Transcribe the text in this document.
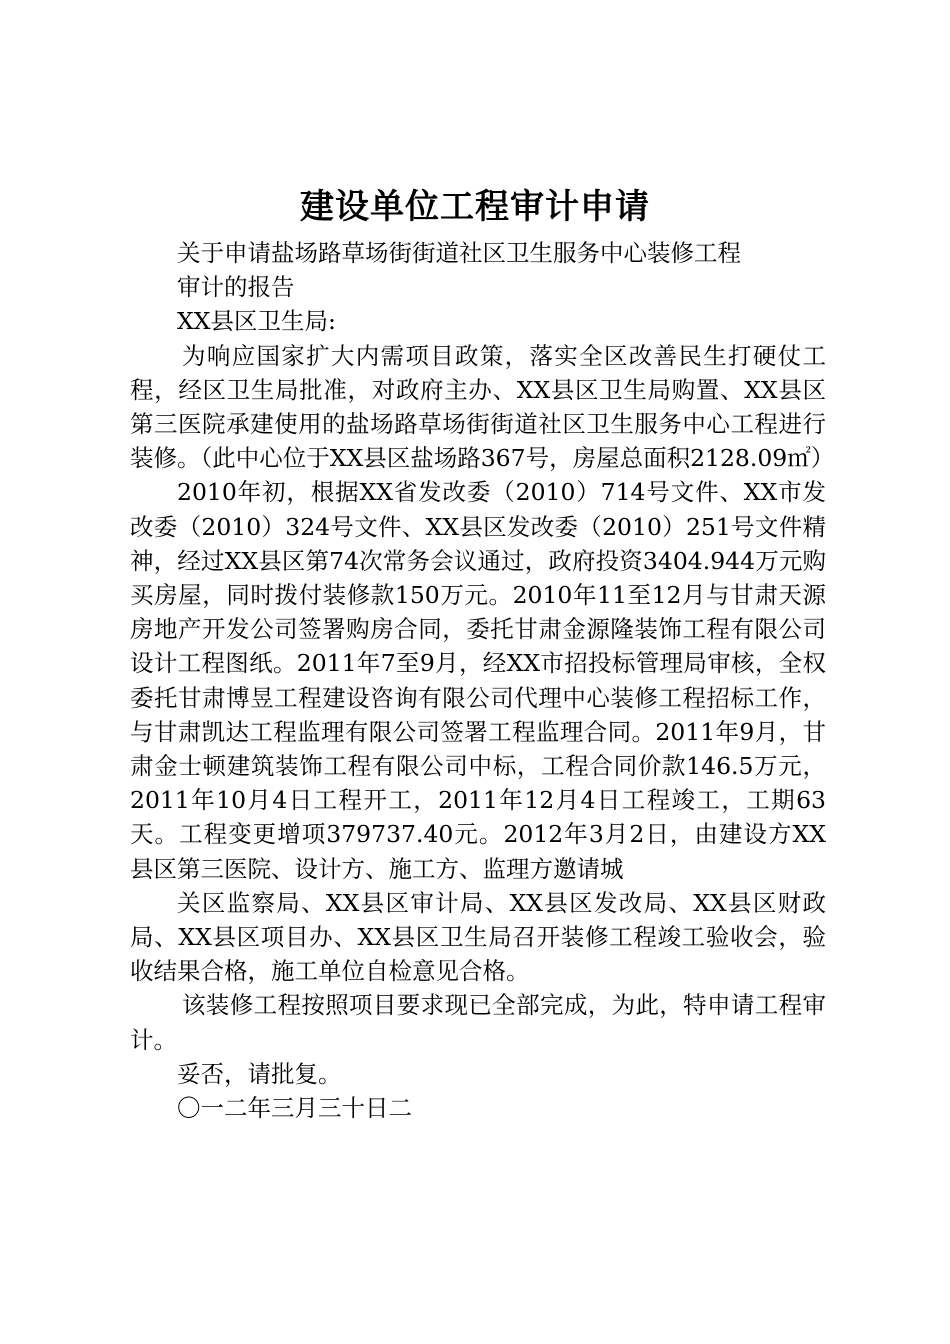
建设单位工程审计申请

关于申请盐场路草场街街道社区卫生服务中心装修工程

审计的报告

XX县区卫生局:

为响应国家扩大内需项目政策，落实全区改善民生打硬仗工程，经区卫生局批准，对政府主办、XX县区卫生局购置、XX县区第三医院承建使用的盐场路草场街街道社区卫生服务中心工程进行装修。（此中心位于XX县区盐场路367号，房屋总面积2128.09㎡）

2010年初，根据XX省发改委（2010）714号文件、XX市发改委（2010）324号文件、XX县区发改委（2010）251号文件精神，经过XX县区第74次常务会议通过，政府投资3404.944万元购买房屋，同时拨付装修款150万元。2010年11至12月与甘肃天源房地产开发公司签署购房合同，委托甘肃金源隆装饰工程有限公司设计工程图纸。2011年7至9月，经XX市招投标管理局审核，全权委托甘肃博昱工程建设咨询有限公司代理中心装修工程招标工作，与甘肃凯达工程监理有限公司签署工程监理合同。2011年9月，甘肃金士顿建筑装饰工程有限公司中标，工程合同价款146.5万元，2011年10月4日工程开工，2011年12月4日工程竣工，工期63天。工程变更增项379737.40元。2012年3月2日，由建设方XX县区第三医院、设计方、施工方、监理方邀请城

关区监察局、XX县区审计局、XX县区发改局、XX县区财政局、XX县区项目办、XX县区卫生局召开装修工程竣工验收会，验收结果合格，施工单位自检意见合格。

该装修工程按照项目要求现已全部完成，为此，特申请工程审计。

妥否，请批复。

〇一二年三月三十日二
